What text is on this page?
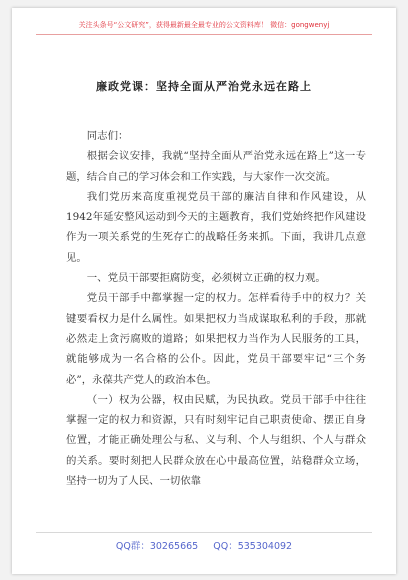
关注头条号“公文研究”，获得最新最全最专业的公文资料库！ 微信：gongwenyj
廉政党课：坚持全面从严治党永远在路上

同志们：

根据会议安排，我就“坚持全面从严治党永远在路上”这一专题，结合自己的学习体会和工作实践，与大家作一次交流。

我们党历来高度重视党员干部的廉洁自律和作风建设，从1942年延安整风运动到今天的主题教育，我们党始终把作风建设作为一项关系党的生死存亡的战略任务来抓。下面，我讲几点意见。

一、党员干部要拒腐防变，必须树立正确的权力观。

党员干部手中都掌握一定的权力。怎样看待手中的权力？关键要看权力是什么属性。如果把权力当成谋取私利的手段，那就必然走上贪污腐败的道路；如果把权力当作为人民服务的工具，就能够成为一名合格的公仆。因此，党员干部要牢记“三个务必”，永葆共产党人的政治本色。

（一）权为公器，权由民赋，为民执政。党员干部手中往往掌握一定的权力和资源，只有时刻牢记自己职责使命、摆正自身位置，才能正确处理公与私、义与利、个人与组织、个人与群众的关系。要时刻把人民群众放在心中最高位置，站稳群众立场，坚持一切为了人民、一切依靠

QQ群：30265665 QQ：535304092
